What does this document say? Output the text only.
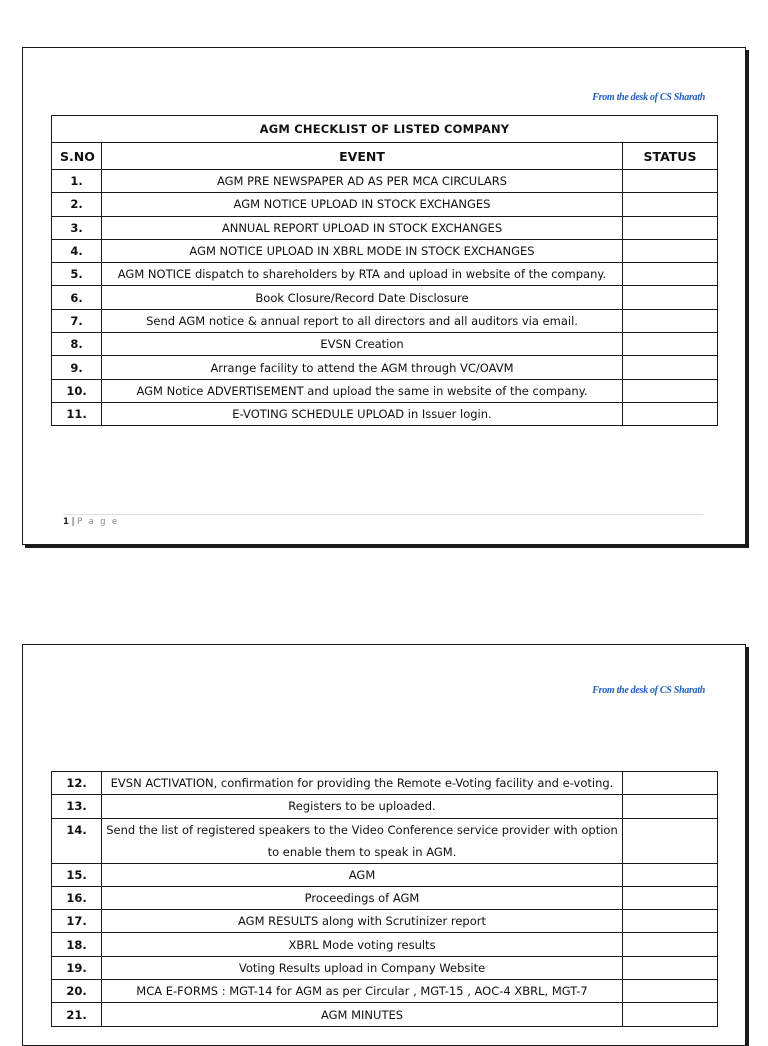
From the desk of CS Sharath
AGM CHECKLIST OF LISTED COMPANY		
S.NO	EVENT	STATUS
1.	AGM PRE NEWSPAPER AD AS PER MCA CIRCULARS	
2.	AGM NOTICE UPLOAD IN STOCK EXCHANGES	
3.	ANNUAL REPORT UPLOAD IN STOCK EXCHANGES	
4.	AGM NOTICE UPLOAD IN XBRL MODE IN STOCK EXCHANGES	
5.	AGM NOTICE dispatch to shareholders by RTA and upload in website of the company.	
6.	Book Closure/Record Date Disclosure	
7.	Send AGM notice & annual report to all directors and all auditors via email.	
8.	EVSN Creation	
9.	Arrange facility to attend the AGM through VC/OAVM	
10.	AGM Notice ADVERTISEMENT and upload the same in website of the company.	
11.	E-VOTING SCHEDULE UPLOAD in Issuer login.	
1 | P a g e
From the desk of CS Sharath
12.	EVSN ACTIVATION, confirmation for providing the Remote e-Voting facility and e-voting.	
13.	Registers to be uploaded.	
14.	Send the list of registered speakers to the Video Conference service provider with option to enable them to speak in AGM.	
15.	AGM	
16.	Proceedings of AGM	
17.	AGM RESULTS along with Scrutinizer report	
18.	XBRL Mode voting results	
19.	Voting Results upload in Company Website	
20.	MCA E-FORMS : MGT-14 for AGM as per Circular , MGT-15 , AOC-4 XBRL, MGT-7	
21.	AGM MINUTES	
